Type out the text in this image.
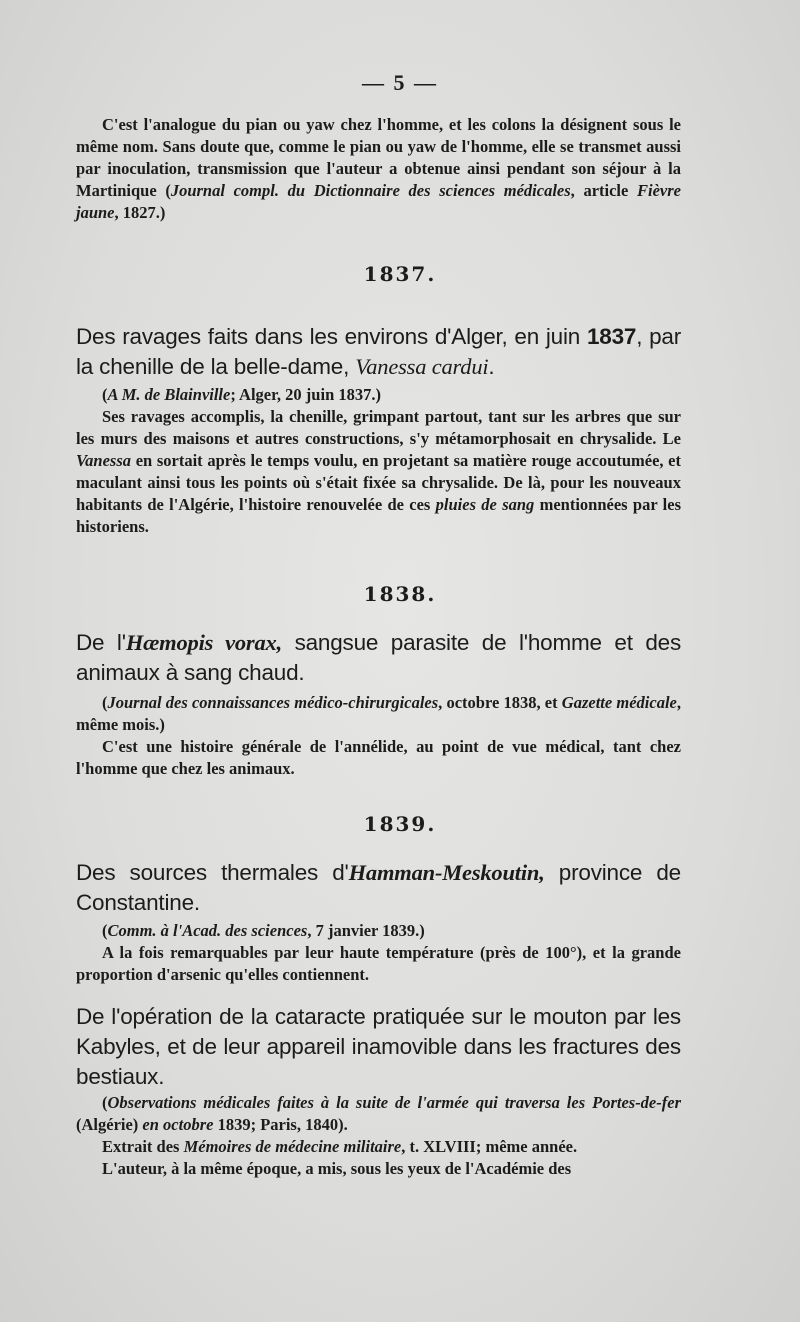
— 5 —

C'est l'analogue du pian ou yaw chez l'homme, et les colons la désignent sous le même nom. Sans doute que, comme le pian ou yaw de l'homme, elle se transmet aussi par inoculation, transmission que l'auteur a obtenue ainsi pendant son séjour à la Martinique (Journal compl. du Dictionnaire des sciences médicales, article Fièvre jaune, 1827.)

1837.

Des ravages faits dans les environs d'Alger, en juin 1837, par la chenille de la belle-dame, Vanessa cardui.

(A M. de Blainville; Alger, 20 juin 1837.)

Ses ravages accomplis, la chenille, grimpant partout, tant sur les arbres que sur les murs des maisons et autres constructions, s'y métamorphosait en chrysalide. Le Vanessa en sortait après le temps voulu, en projetant sa matière rouge accoutumée, et maculant ainsi tous les points où s'était fixée sa chrysalide. De là, pour les nouveaux habitants de l'Algérie, l'histoire renouvelée de ces pluies de sang mentionnées par les historiens.

1838.

De l'Hæmopis vorax, sangsue parasite de l'homme et des animaux à sang chaud.

(Journal des connaissances médico-chirurgicales, octobre 1838, et Gazette médicale, même mois.)

C'est une histoire générale de l'annélide, au point de vue médical, tant chez l'homme que chez les animaux.

1839.

Des sources thermales d'Hamman-Meskoutin, province de Constantine.

(Comm. à l'Acad. des sciences, 7 janvier 1839.)

A la fois remarquables par leur haute température (près de 100°), et la grande proportion d'arsenic qu'elles contiennent.

De l'opération de la cataracte pratiquée sur le mouton par les Kabyles, et de leur appareil inamovible dans les fractures des bestiaux.

(Observations médicales faites à la suite de l'armée qui traversa les Portes-de-fer (Algérie) en octobre 1839; Paris, 1840).

Extrait des Mémoires de médecine militaire, t. XLVIII; même année.

L'auteur, à la même époque, a mis, sous les yeux de l'Académie des
